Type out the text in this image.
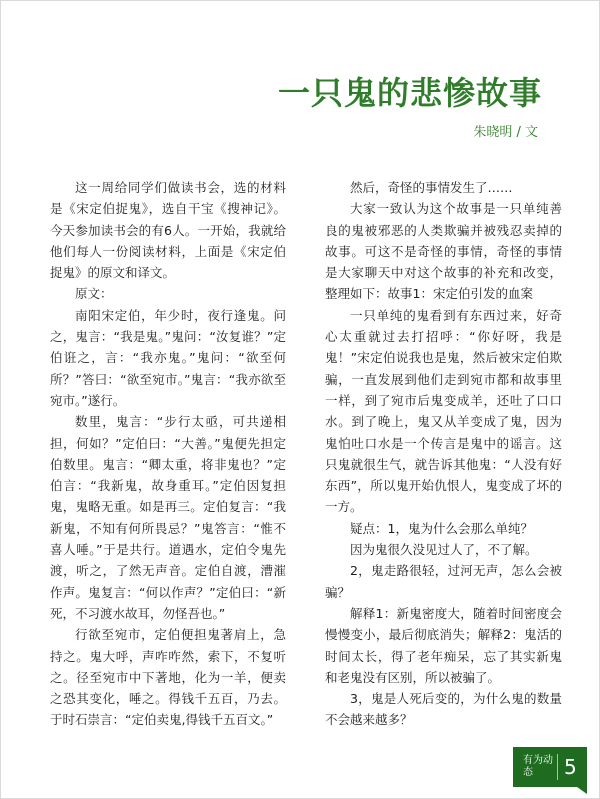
一只鬼的悲惨故事
朱晓明 / 文

这一周给同学们做读书会，选的材料是《宋定伯捉鬼》，选自干宝《搜神记》。今天参加读书会的有6人。一开始，我就给他们每人一份阅读材料，上面是《宋定伯捉鬼》的原文和译文。

原文：

南阳宋定伯，年少时，夜行逢鬼。问之，鬼言：“我是鬼。”鬼问：“汝复谁？”定伯诳之，言：“我亦鬼。”鬼问：“欲至何所？”答曰：“欲至宛市。”鬼言：“我亦欲至宛市。”遂行。

数里，鬼言：“步行太亟，可共递相担，何如？”定伯曰：“大善。”鬼便先担定伯数里。鬼言：“卿太重，将非鬼也？”定伯言：“我新鬼，故身重耳。”定伯因复担鬼，鬼略无重。如是再三。定伯复言：“我新鬼，不知有何所畏忌？”鬼答言：“惟不喜人唾。”于是共行。道遇水，定伯令鬼先渡，听之，了然无声音。定伯自渡，漕漼作声。鬼复言：“何以作声？”定伯曰：“新死，不习渡水故耳，勿怪吾也。”

行欲至宛市，定伯便担鬼著肩上，急持之。鬼大呼，声咋咋然，索下，不复听之。径至宛市中下著地，化为一羊，便卖之恐其变化，唾之。得钱千五百，乃去。于时石崇言：“定伯卖鬼,得钱千五百文。”

然后，奇怪的事情发生了……

大家一致认为这个故事是一只单纯善良的鬼被邪恶的人类欺骗并被残忍卖掉的故事。可这不是奇怪的事情，奇怪的事情是大家聊天中对这个故事的补充和改变，整理如下：故事1：宋定伯引发的血案

一只单纯的鬼看到有东西过来，好奇心太重就过去打招呼：“你好呀，我是鬼！”宋定伯说我也是鬼，然后被宋定伯欺骗，一直发展到他们走到宛市都和故事里一样，到了宛市后鬼变成羊，还吐了口口水。到了晚上，鬼又从羊变成了鬼，因为鬼怕吐口水是一个传言是鬼中的谣言。这只鬼就很生气，就告诉其他鬼：“人没有好东西”，所以鬼开始仇恨人，鬼变成了坏的一方。

疑点：1，鬼为什么会那么单纯？

因为鬼很久没见过人了，不了解。

2，鬼走路很轻，过河无声，怎么会被骗？

解释1：新鬼密度大，随着时间密度会慢慢变小，最后彻底消失；解释2：鬼活的时间太长，得了老年痴呆，忘了其实新鬼和老鬼没有区别，所以被骗了。

3，鬼是人死后变的，为什么鬼的数量不会越来越多？

有为动态	5
